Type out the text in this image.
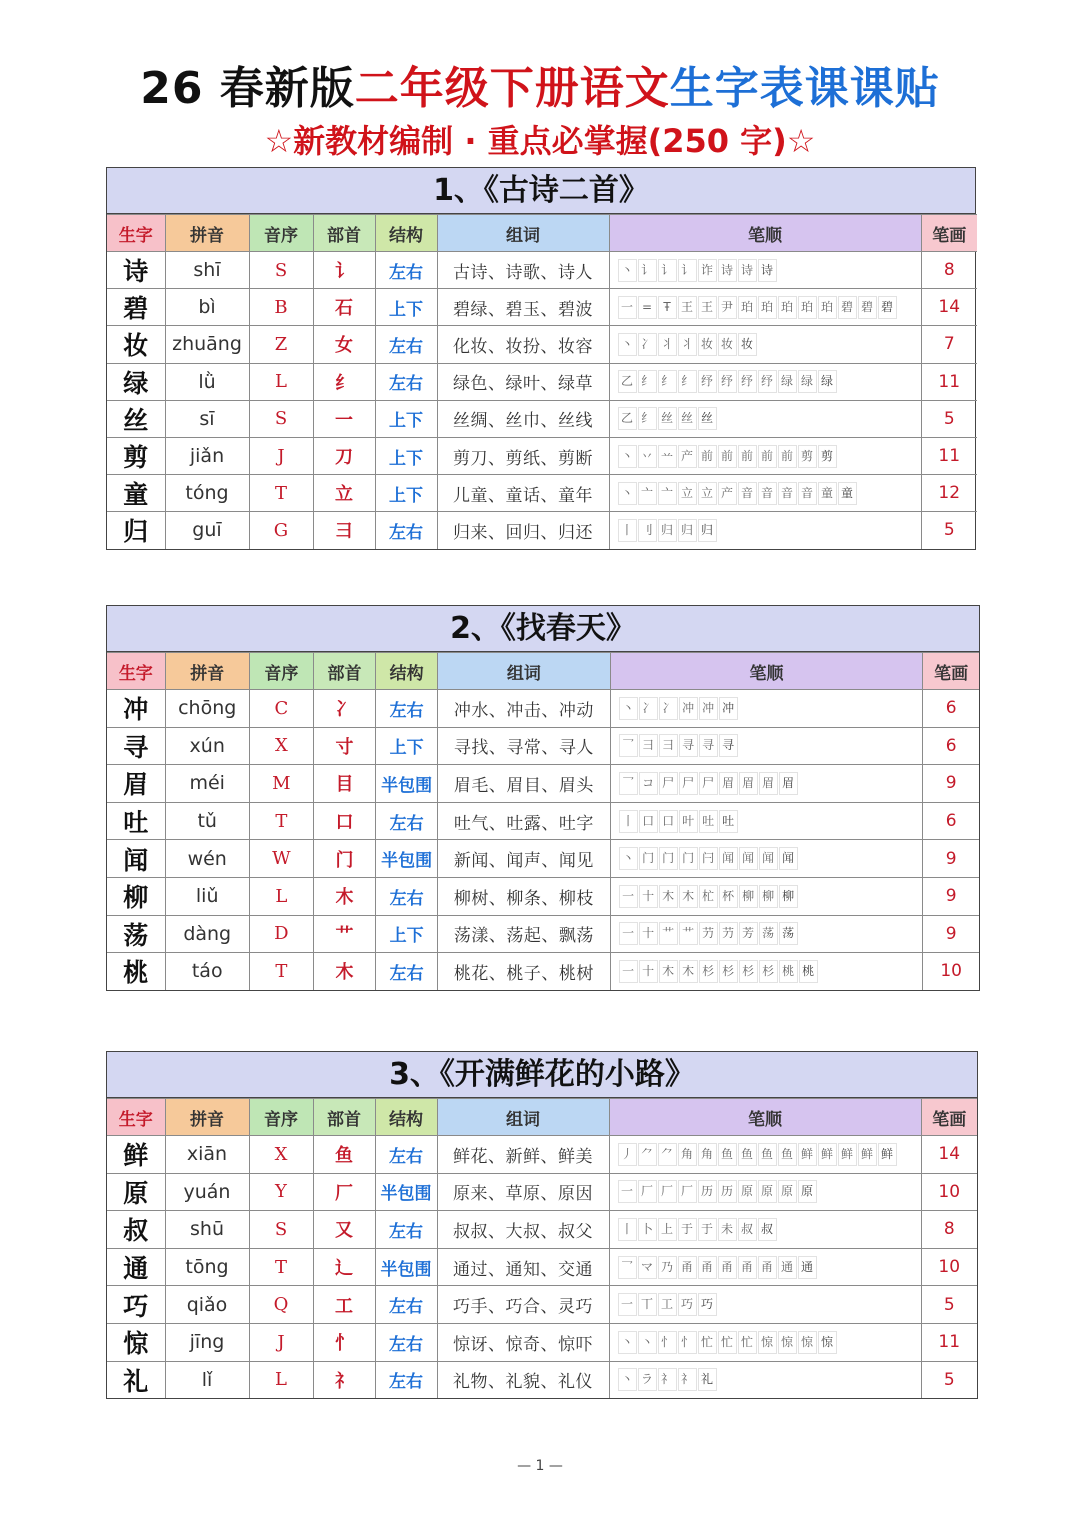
26 春新版二年级下册语文生字表课课贴
☆新教材编制 · 重点必掌握(250 字)☆
1、《古诗二首》
生字	拼音	音序	部首	结构	组词	笔顺	笔画
诗	shī	S	讠	左右	古诗、诗歌、诗人	丶 讠 讠 讠 诈 诗 诗 诗	8
碧	bì	B	石	上下	碧绿、碧玉、碧波	一 = Ŧ 王 王 尹 珀 珀 珀 珀 珀 碧 碧 碧	14
妆	zhuāng	Z	女	左右	化妆、妆扮、妆容	丶 冫 丬 丬 妆 妆 妆	7
绿	lǜ	L	纟	左右	绿色、绿叶、绿草	乙 纟 纟 纟 纾 纾 纾 纾 绿 绿 绿	11
丝	sī	S	一	上下	丝绸、丝巾、丝线	乙 纟 丝 丝 丝	5
剪	jiǎn	J	刀	上下	剪刀、剪纸、剪断	丶 丷 䒑 产 前 前 前 前 前 剪 剪	11
童	tóng	T	立	上下	儿童、童话、童年	丶 亠 亠 立 立 产 音 音 音 音 童 童	12
归	guī	G	彐	左右	归来、回归、归还	丨 刂 归 归 归	5
2、《找春天》
生字	拼音	音序	部首	结构	组词	笔顺	笔画
冲	chōng	C	冫	左右	冲水、冲击、冲动	丶 冫 冫 冲 冲 冲	6
寻	xún	X	寸	上下	寻找、寻常、寻人	乛 彐 彐 寻 寻 寻	6
眉	méi	M	目	半包围	眉毛、眉目、眉头	乛 コ 尸 尸 尸 眉 眉 眉 眉	9
吐	tǔ	T	口	左右	吐气、吐露、吐字	丨 口 口 叶 吐 吐	6
闻	wén	W	门	半包围	新闻、闻声、闻见	丶 门 门 门 闩 闻 闻 闻 闻	9
柳	liǔ	L	木	左右	柳树、柳条、柳枝	一 十 木 木 杧 杯 柳 柳 柳	9
荡	dàng	D	艹	上下	荡漾、荡起、飘荡	一 十 艹 艹 芀 芀 芳 荡 荡	9
桃	táo	T	木	左右	桃花、桃子、桃树	一 十 木 木 杉 杉 杉 杉 桃 桃	10
3、《开满鲜花的小路》
生字	拼音	音序	部首	结构	组词	笔顺	笔画
鲜	xiān	X	鱼	左右	鲜花、新鲜、鲜美	丿 ⺈ ⺈ 角 角 鱼 鱼 鱼 鱼 鲜 鲜 鲜 鲜 鲜	14
原	yuán	Y	厂	半包围	原来、草原、原因	一 厂 厂 厂 历 历 原 原 原 原	10
叔	shū	S	又	左右	叔叔、大叔、叔父	丨 卜 上 于 于 未 叔 叔	8
通	tōng	T	辶	半包围	通过、通知、交通	乛 マ 乃 甬 甬 甬 甬 甬 通 通	10
巧	qiǎo	Q	工	左右	巧手、巧合、灵巧	一 丅 工 巧 巧	5
惊	jīng	J	忄	左右	惊讶、惊奇、惊吓	丶 丶 忄 忄 忙 忙 忙 惊 惊 惊 惊	11
礼	lǐ	L	礻	左右	礼物、礼貌、礼仪	丶 ラ 礻 礻 礼	5
— 1 —
